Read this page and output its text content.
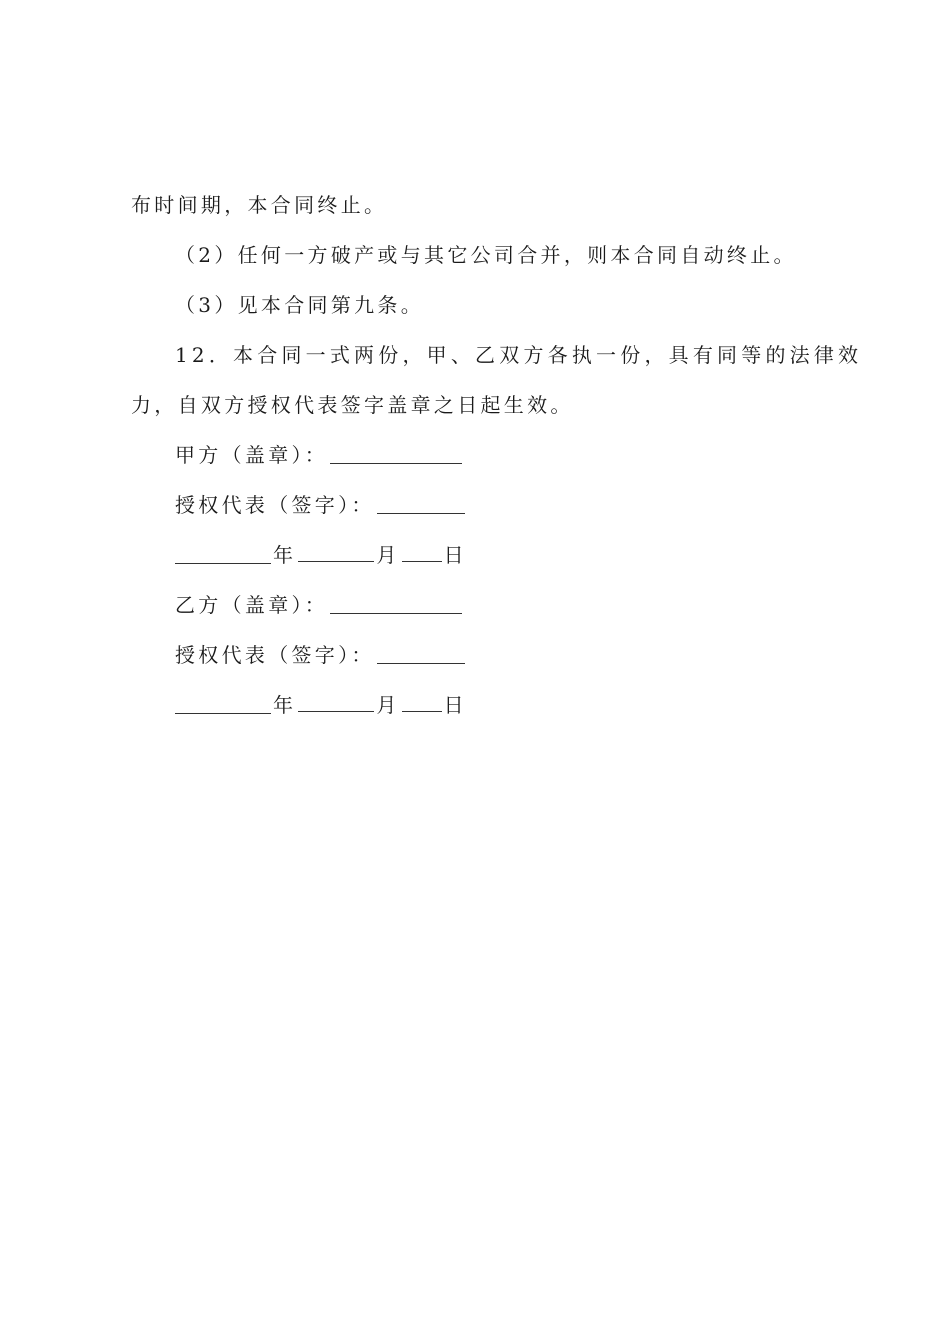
布时间期，本合同终止。
（2）任何一方破产或与其它公司合并，则本合同自动终止。
（3）见本合同第九条。
12．本合同一式两份，甲、乙双方各执一份，具有同等的法律效
力，自双方授权代表签字盖章之日起生效。
甲方（盖章）：
授权代表（签字）：
年	月 日
乙方（盖章）：
授权代表（签字）：
年	月 日
